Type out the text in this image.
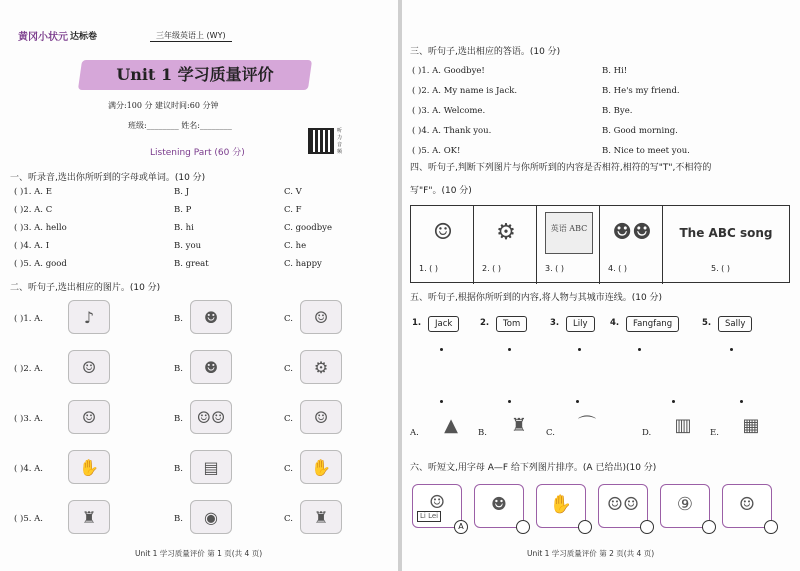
黄冈小状元 达标卷	三年级英语上 (WY)
Unit 1 学习质量评价
满分:100 分 建议时间:60 分钟
班级:________ 姓名:________
听力音频
Listening Part (60 分)
一、听录音,选出你所听到的字母或单词。(10 分)
( )1. A. E	B. J	C. V
( )2. A. C	B. P	C. F
( )3. A. hello	B. hi	C. goodbye
( )4. A. I	B. you	C. he
( )5. A. good	B. great	C. happy
二、听句子,选出相应的图片。(10 分)
( )1. A.	B.	C.
♪	☻	☺
( )2. A.	B.	C.
☺	☻	⚙
( )3. A.	B.	C.
☺	☺☺	☺
( )4. A.	B.	C.
✋	▤	✋
( )5. A.	B.	C.
♜	◉	♜
Unit 1 学习质量评价 第 1 页(共 4 页)
三、听句子,选出相应的答语。(10 分)
( )1. A. Goodbye!	B. Hi!
( )2. A. My name is Jack.	B. He's my friend.
( )3. A. Welcome.	B. Bye.
( )4. A. Thank you.	B. Good morning.
( )5. A. OK!	B. Nice to meet you.
四、听句子,判断下列图片与你所听到的内容是否相符,相符的写"T",不相符的
写"F"。(10 分)
☺
1. ( )
⚙
2. ( )
英语 ABC
3. ( )
☻☻
4. ( )
The ABC song
5. ( )
五、听句子,根据你所听到的内容,将人物与其城市连线。(10 分)
1.	Jack	2.	Tom	3.	Lily	4.	Fangfang	5.	Sally
A.	▲	B.	♜	C.	⌒	D.	▥	E.	▦
六、听短文,用字母 A—F 给下列图片排序。(A 已给出)(10 分)
Li Lei
☺
A
☻	✋	☺☺	⑨	☺
Unit 1 学习质量评价 第 2 页(共 4 页)
